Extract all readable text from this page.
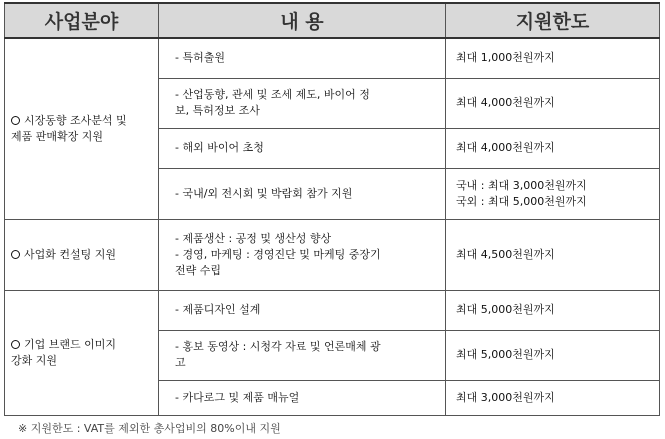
사업분야	내 용	지원한도

시장동향 조사분석 및
제품 판매확장 지원	- 특허출원	최대 1,000천원까지

	- 산업동향, 관세 및 조세 제도, 바이어 정
보, 특허정보 조사	최대 4,000천원까지

	- 해외 바이어 초청	최대 4,000천원까지

	- 국내/외 전시회 및 박람회 참가 지원	국내 : 최대 3,000천원까지
국외 : 최대 5,000천원까지

사업화 컨설팅 지원	- 제품생산 : 공정 및 생산성 향상
- 경영, 마케팅 : 경영진단 및 마케팅 중장기
전략 수립	최대 4,500천원까지

기업 브랜드 이미지
강화 지원	- 제품디자인 설계	최대 5,000천원까지

	- 홍보 동영상 : 시청각 자료 및 언론매체 광
고	최대 5,000천원까지

	- 카다로그 및 제품 매뉴얼	최대 3,000천원까지
※ 지원한도 : VAT를 제외한 총사업비의 80%이내 지원
